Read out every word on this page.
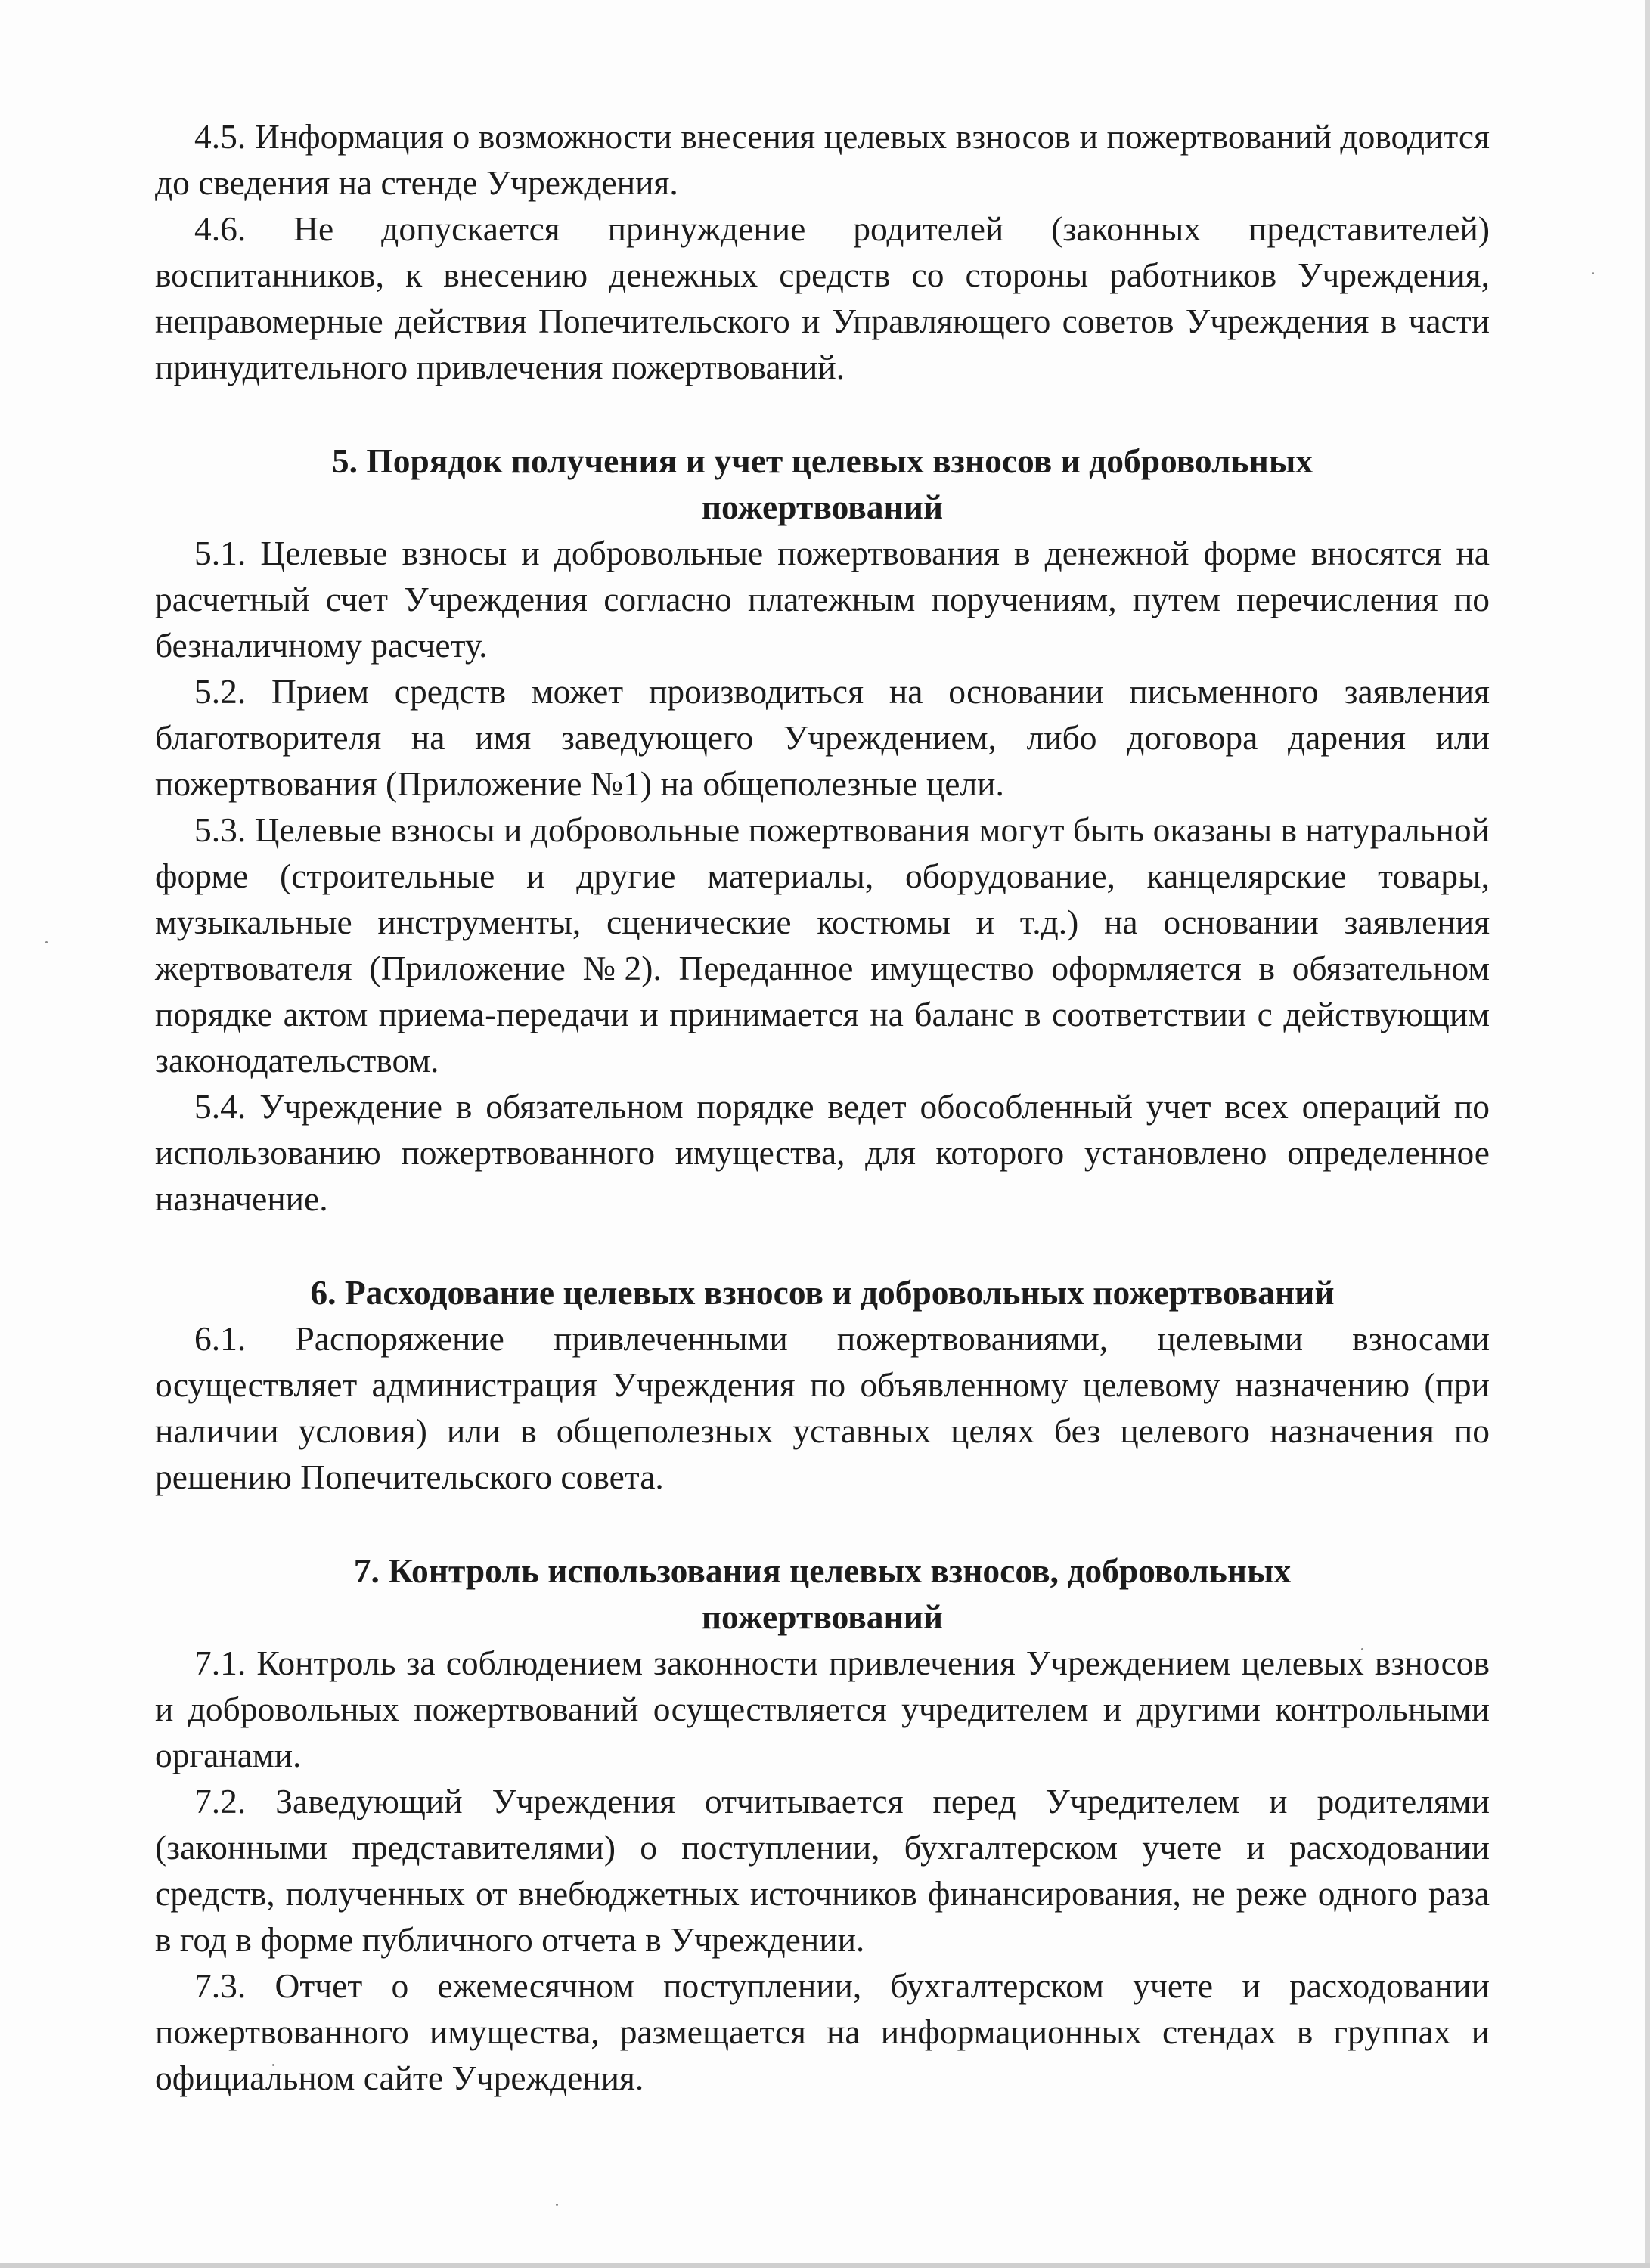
4.5. Информация о возможности внесения целевых взносов и пожертвований доводится до сведения на стенде Учреждения.

4.6. Не допускается принуждение родителей (законных представителей) воспитанников, к внесению денежных средств со стороны работников Учреждения, неправомерные действия Попечительского и Управляющего советов Учреждения в части принудительного привлечения пожертвований.

5. Порядок получения и учет целевых взносов и добровольных пожертвований

5.1. Целевые взносы и добровольные пожертвования в денежной форме вносятся на расчетный счет Учреждения согласно платежным поручениям, путем перечисления по безналичному расчету.

5.2. Прием средств может производиться на основании письменного заявления благотворителя на имя заведующего Учреждением, либо договора дарения или пожертвования (Приложение №1) на общеполезные цели.

5.3. Целевые взносы и добровольные пожертвования могут быть оказаны в натуральной форме (строительные и другие материалы, оборудование, канцелярские товары, музыкальные инструменты, сценические костюмы и т.д.) на основании заявления жертвователя (Приложение №2). Переданное имущество оформляется в обязательном порядке актом приема-передачи и принимается на баланс в соответствии с действующим законодательством.

5.4. Учреждение в обязательном порядке ведет обособленный учет всех операций по использованию пожертвованного имущества, для которого установлено определенное назначение.

6. Расходование целевых взносов и добровольных пожертвований

6.1. Распоряжение привлеченными пожертвованиями, целевыми взносами осуществляет администрация Учреждения по объявленному целевому назначению (при наличии условия) или в общеполезных уставных целях без целевого назначения по решению Попечительского совета.

7. Контроль использования целевых взносов, добровольных пожертвований

7.1. Контроль за соблюдением законности привлечения Учреждением целевых взносов и добровольных пожертвований осуществляется учредителем и другими контрольными органами.

7.2. Заведующий Учреждения отчитывается перед Учредителем и родителями (законными представителями) о поступлении, бухгалтерском учете и расходовании средств, полученных от внебюджетных источников финансирования, не реже одного раза в год в форме публичного отчета в Учреждении.

7.3. Отчет о ежемесячном поступлении, бухгалтерском учете и расходовании пожертвованного имущества, размещается на информационных стендах в группах и официальном сайте Учреждения.
